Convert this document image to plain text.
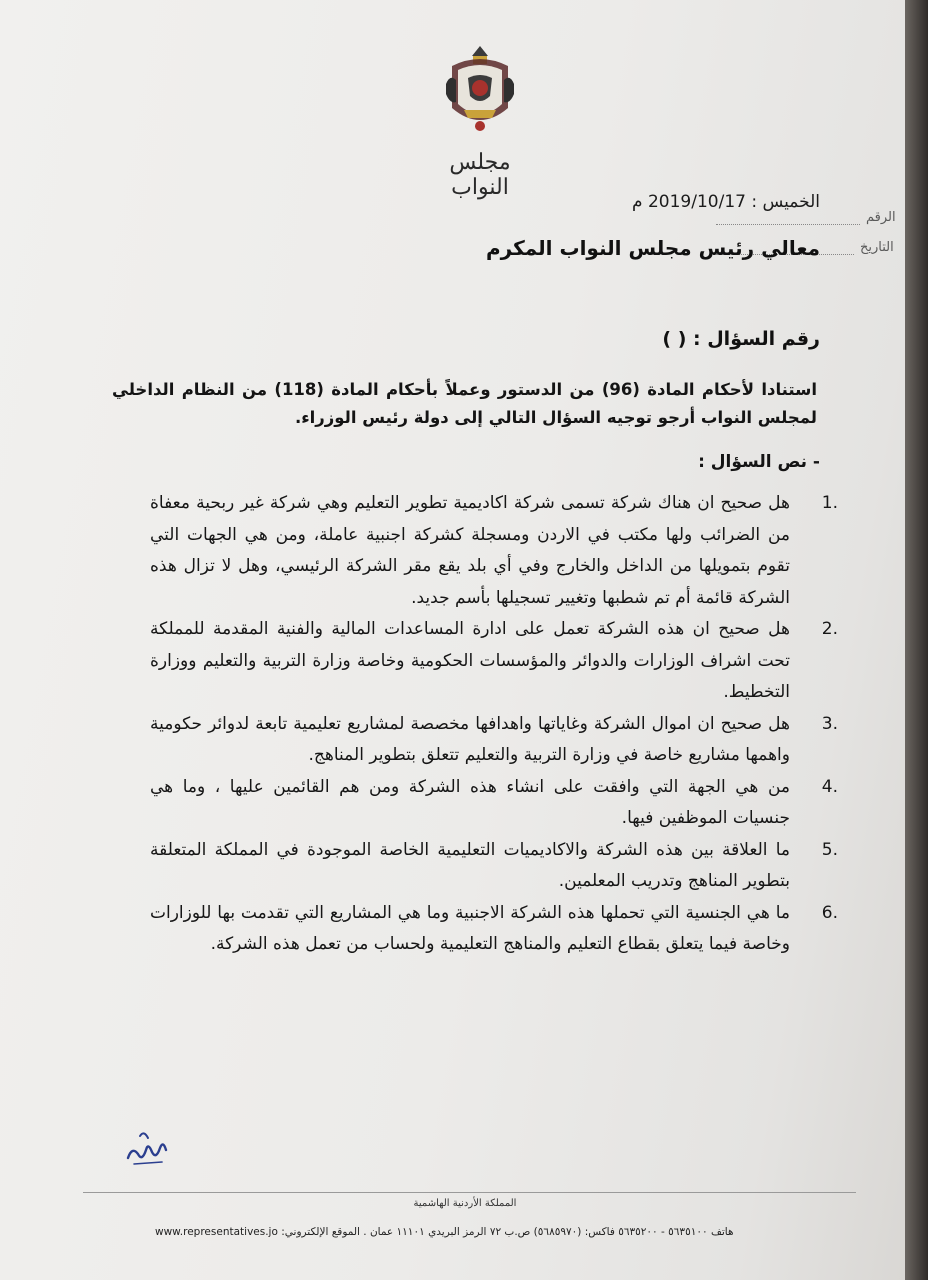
مجلس النواب
الرقم
التاريخ
الخميس : 2019/10/17 م
معالي رئيس مجلس النواب المكرم
رقم السؤال : ( )
استنادا لأحكام المادة (96) من الدستور وعملاً بأحكام المادة (118) من النظام الداخلي لمجلس النواب أرجو توجيه السؤال التالي إلى دولة رئيس الوزراء.
- نص السؤال :
1.
هل صحيح ان هناك شركة تسمى شركة اكاديمية تطوير التعليم وهي شركة غير ربحية معفاة من الضرائب ولها مكتب في الاردن ومسجلة كشركة اجنبية عاملة، ومن هي الجهات التي تقوم بتمويلها من الداخل والخارج وفي أي بلد يقع مقر الشركة الرئيسي، وهل لا تزال هذه الشركة قائمة أم تم شطبها وتغيير تسجيلها بأسم جديد.
2.
هل صحيح ان هذه الشركة تعمل على ادارة المساعدات المالية والفنية المقدمة للمملكة تحت اشراف الوزارات والدوائر والمؤسسات الحكومية وخاصة وزارة التربية والتعليم ووزارة التخطيط.
3.
هل صحيح ان اموال الشركة وغاياتها واهدافها مخصصة لمشاريع تعليمية تابعة لدوائر حكومية واهمها مشاريع خاصة في وزارة التربية والتعليم تتعلق بتطوير المناهج.
4.
من هي الجهة التي وافقت على انشاء هذه الشركة ومن هم القائمين عليها ، وما هي جنسيات الموظفين فيها.
5.
ما العلاقة بين هذه الشركة والاكاديميات التعليمية الخاصة الموجودة في المملكة المتعلقة بتطوير المناهج وتدريب المعلمين.
6.
ما هي الجنسية التي تحملها هذه الشركة الاجنبية وما هي المشاريع التي تقدمت بها للوزارات وخاصة فيما يتعلق بقطاع التعليم والمناهج التعليمية ولحساب من تعمل هذه الشركة.
المملكة الأردنية الهاشمية
www.representatives.jo :هاتف ٥٦٣٥١٠٠ - ٥٦٣٥٢٠٠ فاكس: (٥٦٨٥٩٧٠) ص.ب ٧٢ الرمز البريدي ١١١٠١ عمان . الموقع الإلكتروني
